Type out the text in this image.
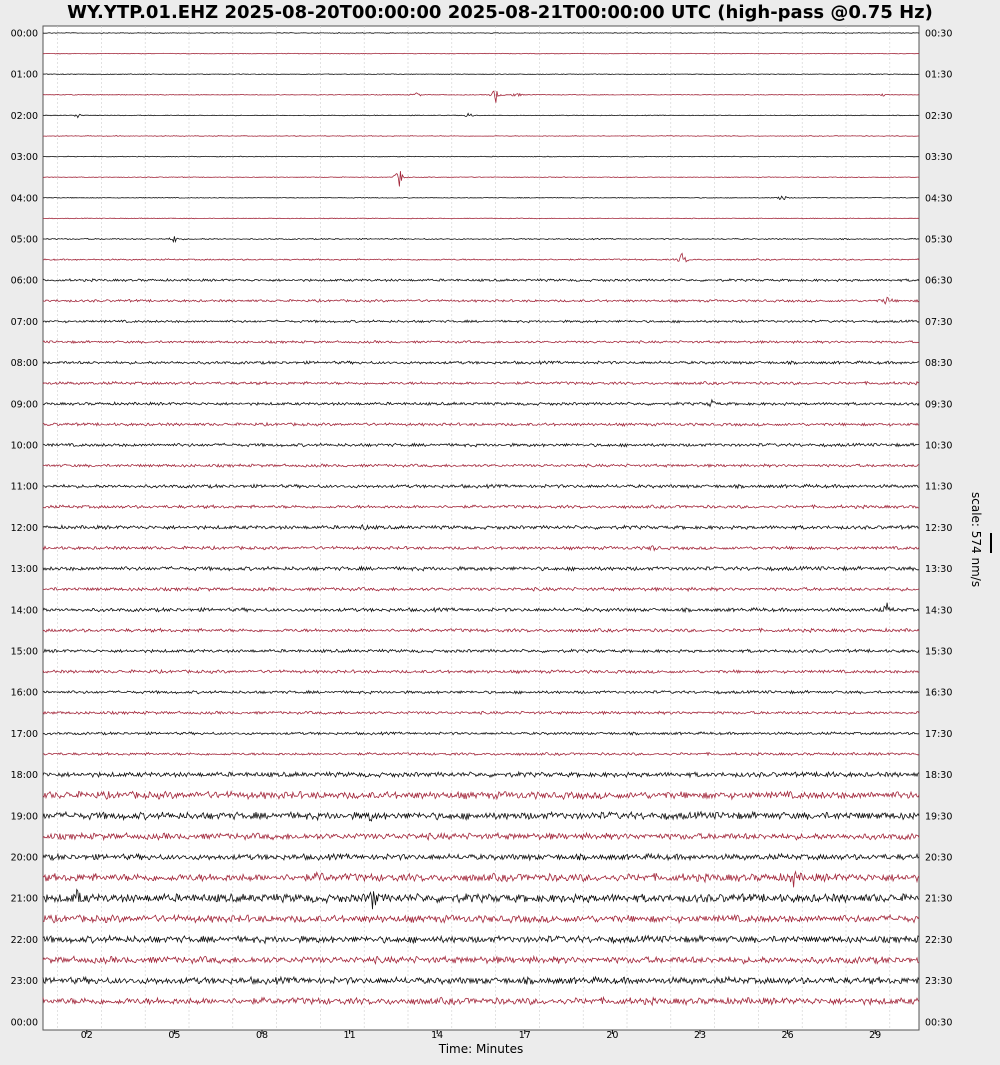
WY.YTP.01.EHZ 2025-08-20T00:00:00 2025-08-21T00:00:00 UTC (high-pass @0.75 Hz)
00:00
01:00
02:00
03:00
04:00
05:00
06:00
07:00
08:00
09:00
10:00
11:00
12:00
13:00
14:00
15:00
16:00
17:00
18:00
19:00
20:00
21:00
22:00
23:00
00:00
00:30
01:30
02:30
03:30
04:30
05:30
06:30
07:30
08:30
09:30
10:30
11:30
12:30
13:30
14:30
15:30
16:30
17:30
18:30
19:30
20:30
21:30
22:30
23:30
00:30
02	05	08	11	14	17	20	23	26	29
Time: Minutes
scale: 574 nm/s
